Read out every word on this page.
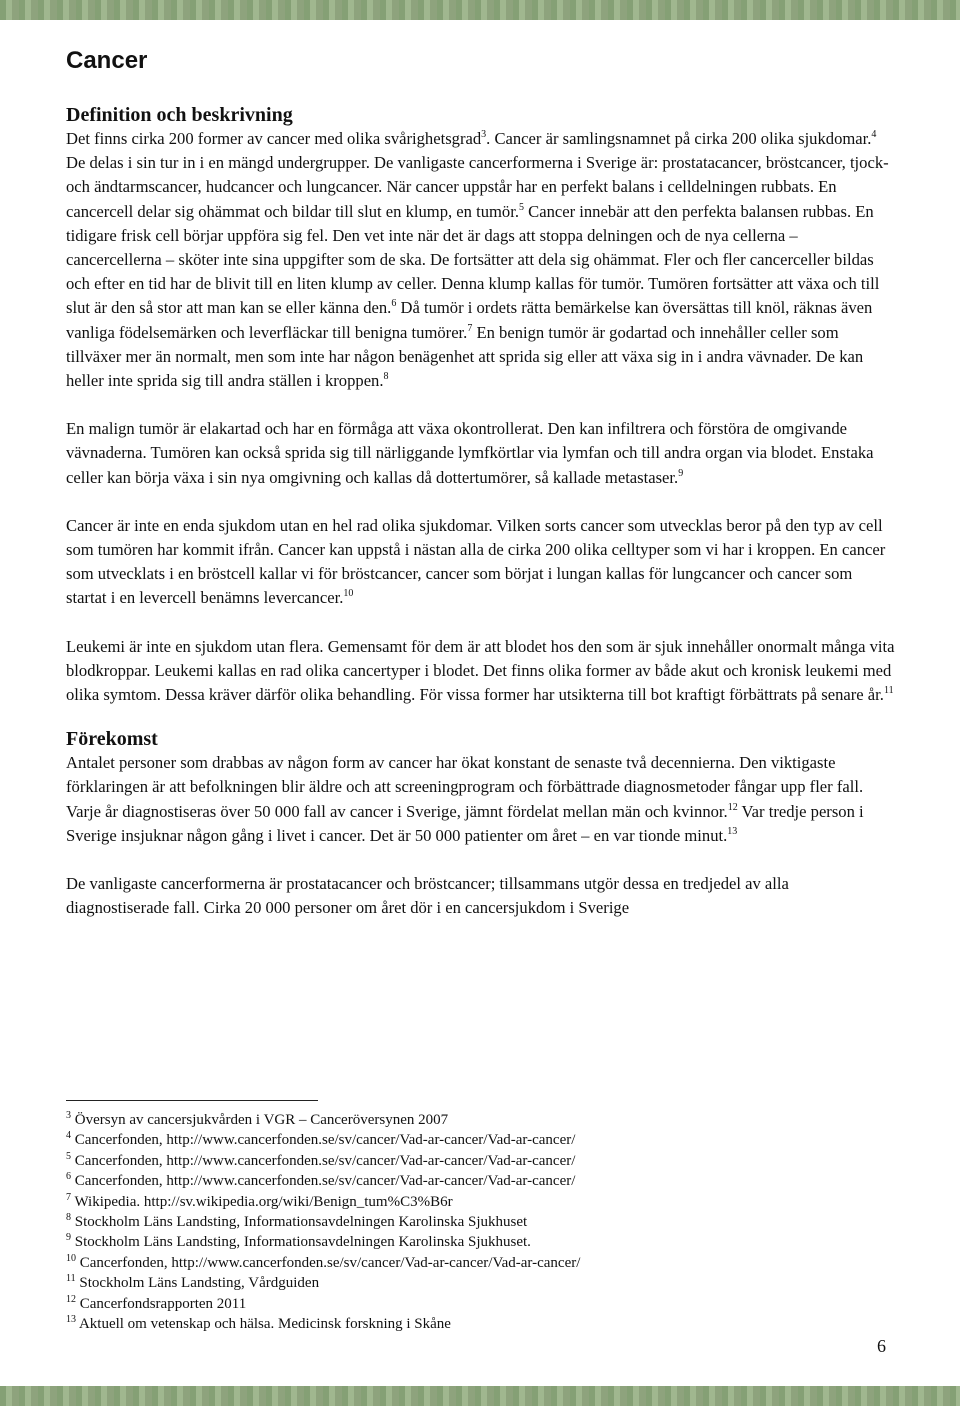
Cancer
Definition och beskrivning

Det finns cirka 200 former av cancer med olika svårighetsgrad$^3$. Cancer är samlingsnamnet på cirka 200 olika sjukdomar.$^4$ De delas i sin tur in i en mängd undergrupper. De vanligaste cancerformerna i Sverige är: prostatacancer, bröstcancer, tjock- och ändtarmscancer, hudcancer och lungcancer. När cancer uppstår har en perfekt balans i celldelningen rubbats. En cancercell delar sig ohämmat och bildar till slut en klump, en tumör.$^5$ Cancer innebär att den perfekta balansen rubbas. En tidigare frisk cell börjar uppföra sig fel. Den vet inte när det är dags att stoppa delningen och de nya cellerna – cancercellerna – sköter inte sina uppgifter som de ska. De fortsätter att dela sig ohämmat. Fler och fler cancerceller bildas och efter en tid har de blivit till en liten klump av celler. Denna klump kallas för tumör. Tumören fortsätter att växa och till slut är den så stor att man kan se eller känna den.$^6$ Då tumör i ordets rätta bemärkelse kan översättas till knöl, räknas även vanliga födelsemärken och leverfläckar till benigna tumörer.$^7$ En benign tumör är godartad och innehåller celler som tillväxer mer än normalt, men som inte har någon benägenhet att sprida sig eller att växa sig in i andra vävnader. De kan heller inte sprida sig till andra ställen i kroppen.$^8$

En malign tumör är elakartad och har en förmåga att växa okontrollerat. Den kan infiltrera och förstöra de omgivande vävnaderna. Tumören kan också sprida sig till närliggande lymfkörtlar via lymfan och till andra organ via blodet. Enstaka celler kan börja växa i sin nya omgivning och kallas då dottertumörer, så kallade metastaser.$^9$

Cancer är inte en enda sjukdom utan en hel rad olika sjukdomar. Vilken sorts cancer som utvecklas beror på den typ av cell som tumören har kommit ifrån. Cancer kan uppstå i nästan alla de cirka 200 olika celltyper som vi har i kroppen. En cancer som utvecklats i en bröstcell kallar vi för bröstcancer, cancer som börjat i lungan kallas för lungcancer och cancer som startat i en levercell benämns levercancer.$^{10}$

Leukemi är inte en sjukdom utan flera. Gemensamt för dem är att blodet hos den som är sjuk innehåller onormalt många vita blodkroppar. Leukemi kallas en rad olika cancertyper i blodet. Det finns olika former av både akut och kronisk leukemi med olika symtom. Dessa kräver därför olika behandling. För vissa former har utsikterna till bot kraftigt förbättrats på senare år.$^{11}$

Förekomst

Antalet personer som drabbas av någon form av cancer har ökat konstant de senaste två decennierna. Den viktigaste förklaringen är att befolkningen blir äldre och att screeningprogram och förbättrade diagnosmetoder fångar upp fler fall. Varje år diagnostiseras över 50 000 fall av cancer i Sverige, jämnt fördelat mellan män och kvinnor.$^{12}$ Var tredje person i Sverige insjuknar någon gång i livet i cancer. Det är 50 000 patienter om året – en var tionde minut.$^{13}$

De vanligaste cancerformerna är prostatacancer och bröstcancer; tillsammans utgör dessa en tredjedel av alla diagnostiserade fall. Cirka 20 000 personer om året dör i en cancersjukdom i Sverige

$^3$ Översyn av cancersjukvården i VGR – Canceröversynen 2007
$^4$ Cancerfonden, http://www.cancerfonden.se/sv/cancer/Vad-ar-cancer/Vad-ar-cancer/
$^5$ Cancerfonden, http://www.cancerfonden.se/sv/cancer/Vad-ar-cancer/Vad-ar-cancer/
$^6$ Cancerfonden, http://www.cancerfonden.se/sv/cancer/Vad-ar-cancer/Vad-ar-cancer/
$^7$ Wikipedia. http://sv.wikipedia.org/wiki/Benign_tum%C3%B6r
$^8$ Stockholm Läns Landsting, Informationsavdelningen Karolinska Sjukhuset
$^9$ Stockholm Läns Landsting, Informationsavdelningen Karolinska Sjukhuset.
$^{10}$ Cancerfonden, http://www.cancerfonden.se/sv/cancer/Vad-ar-cancer/Vad-ar-cancer/
$^{11}$ Stockholm Läns Landsting, Vårdguiden
$^{12}$ Cancerfondsrapporten 2011
$^{13}$ Aktuell om vetenskap och hälsa. Medicinsk forskning i Skåne
6
